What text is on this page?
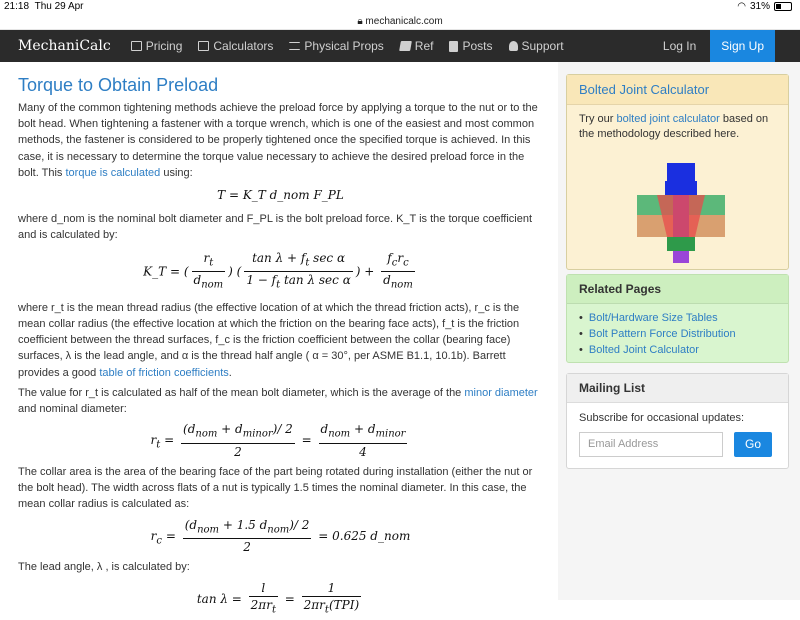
21:18 Thu 29 Apr	◠ 31%
🔒︎ mechanicalc.com
MechaniCalc	Pricing	Calculators	Physical Props	Ref Posts Support	Log In	Sign Up
Torque to Obtain Preload

Many of the common tightening methods achieve the preload force by applying a torque to the nut or to the bolt head. When tightening a fastener with a torque wrench, which is one of the easiest and most common methods, the fastener is considered to be properly tightened once the specified torque is achieved. In this case, it is necessary to determine the torque value necessary to achieve the desired preload force in the bolt. This torque is calculated using:

T = K_T d_nom F_PL

where d_nom is the nominal bolt diameter and F_PL is the bolt preload force. K_T is the torque coefficient and is calculated by:

K_T = ( $\frac{r_t}{d_{nom}}$ ) ( $\frac{\tan \lambda + f_t \sec \alpha}{1 - f_t \tan \lambda \sec \alpha}$ ) + $\frac{f_cr_c}{d_{nom}}$

where r_t is the mean thread radius (the effective location of at which the thread friction acts), r_c is the mean collar radius (the effective location at which the friction on the bearing face acts), f_t is the friction coefficient between the thread surfaces, f_c is the friction coefficient between the collar (bearing face) surfaces, λ is the lead angle, and α is the thread half angle ( α = 30°, per ASME B1.1, 10.1b). Barrett provides a good table of friction coefficients.

The value for r_t is calculated as half of the mean bolt diameter, which is the average of the minor diameter and nominal diameter:

$r_t = \frac{(d_{nom} + d_{minor})/ 2}{2} = \frac{d_{nom} + d_{minor}}{4}$

The collar area is the area of the bearing face of the part being rotated during installation (either the nut or the bolt head). The width across flats of a nut is typically 1.5 times the nominal diameter. In this case, the mean collar radius is calculated as:

$r_c = \frac{(d_{nom} + 1.5 d_{nom})/ 2}{2} = 0.625$ d_nom

The lead angle, λ , is calculated by:

$\tan \lambda = \frac{l}{2\pi r_t} = \frac{1}{2\pi r_t(TPI)}$
Bolted Joint Calculator
Try our bolted joint calculator based on the methodology described here.
Related Pages
• Bolt/Hardware Size Tables
• Bolt Pattern Force Distribution
• Bolted Joint Calculator
Mailing List
Subscribe for occasional updates:
Email Address	Go
